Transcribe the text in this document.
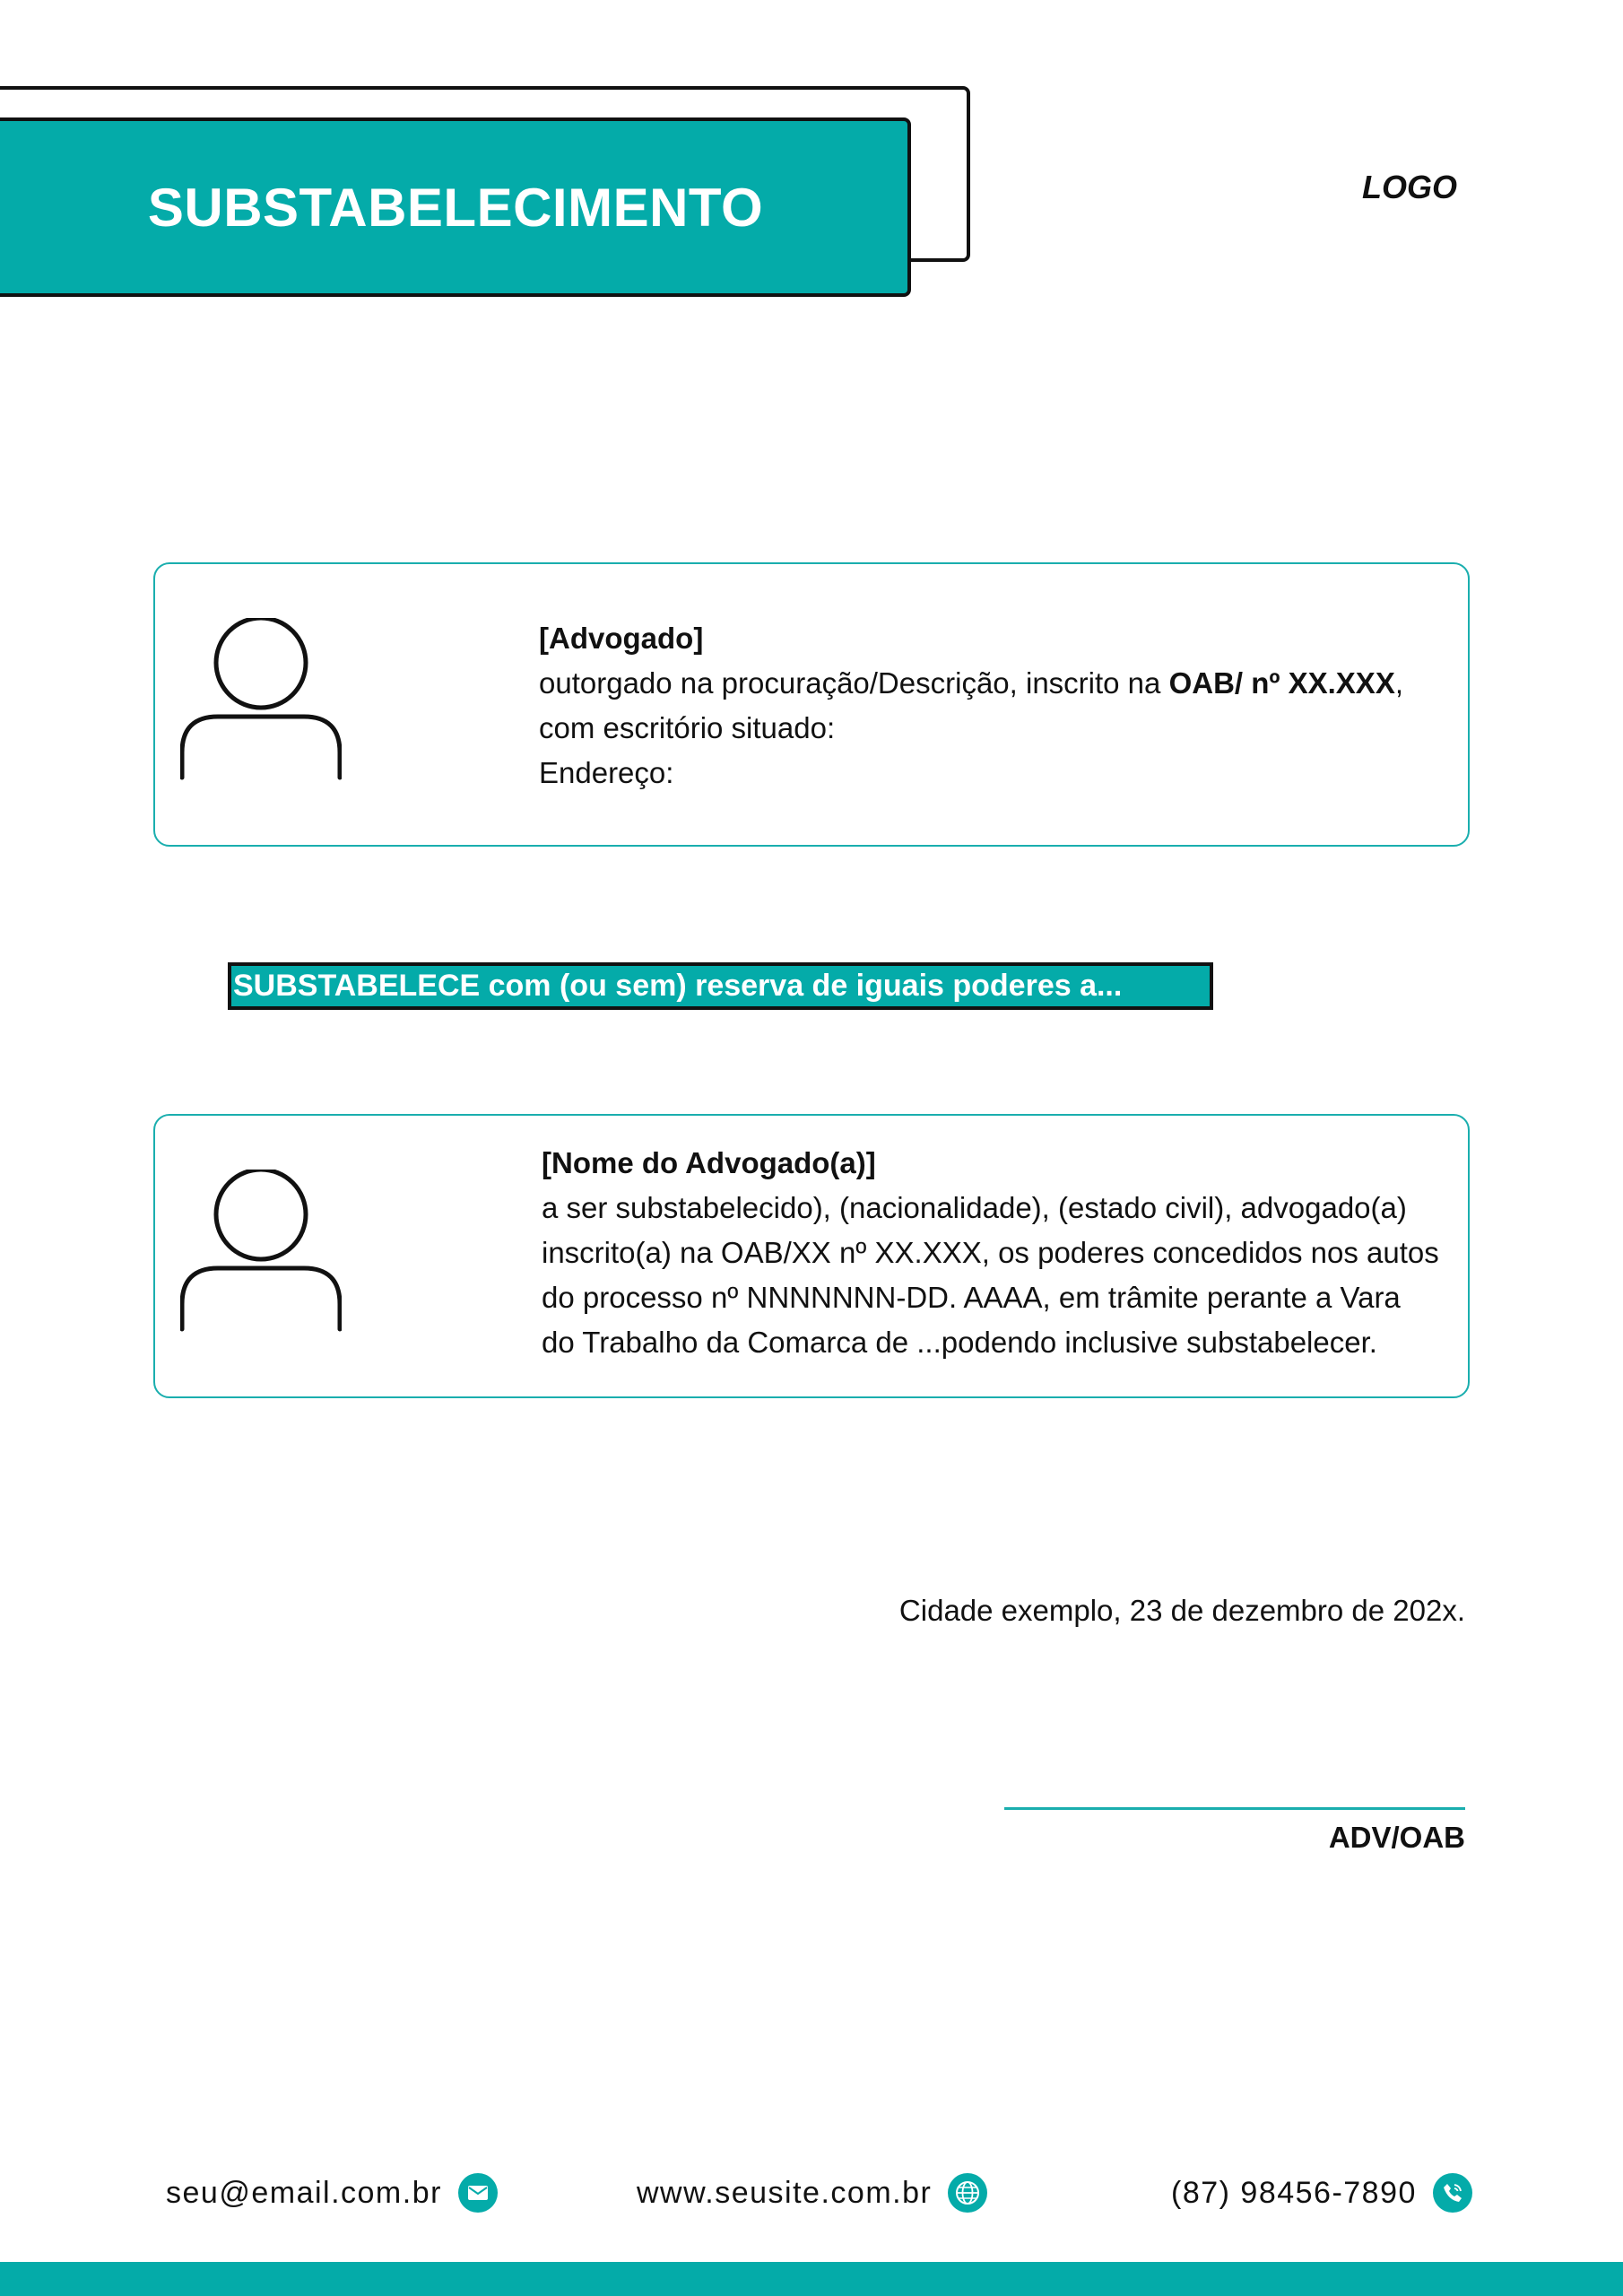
SUBSTABELECIMENTO	LOGO
[Advogado]
outorgado na procuração/Descrição, inscrito na OAB/ nº XX.XXX,
com escritório situado:
Endereço:
SUBSTABELECE com (ou sem) reserva de iguais poderes a...
[Nome do Advogado(a)]
a ser substabelecido), (nacionalidade), (estado civil), advogado(a)
inscrito(a) na OAB/XX nº XX.XXX, os poderes concedidos nos autos
do processo nº NNNNNNN-DD. AAAA, em trâmite perante a Vara
do Trabalho da Comarca de ...podendo inclusive substabelecer.
Cidade exemplo, 23 de dezembro de 202x.
ADV/OAB
seu@email.com.br	www.seusite.com.br	(87) 98456-7890
